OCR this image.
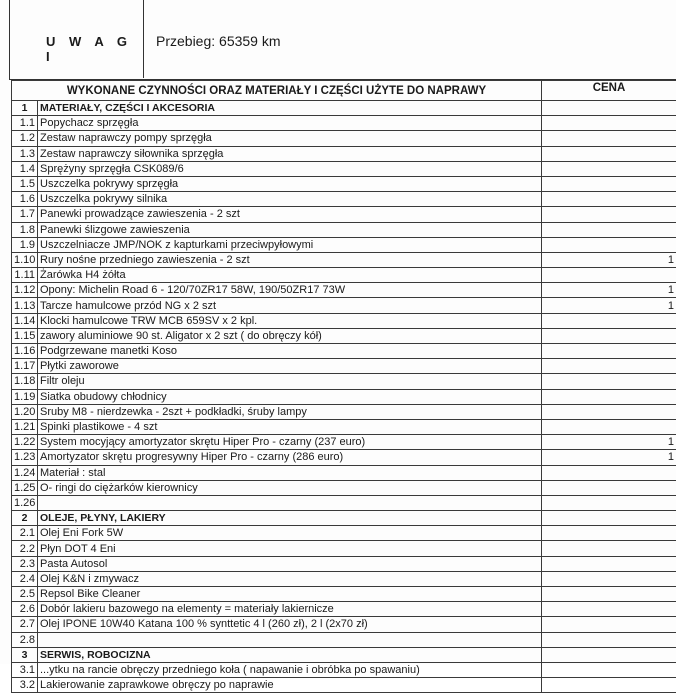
U W A G I
Przebieg: 65359 km
WYKONANE CZYNNOŚCI ORAZ MATERIAŁY I CZĘŚCI UŻYTE DO NAPRAWY		CENA
1	MATERIAŁY, CZĘŚCI I AKCESORIA	
1.1	Popychacz sprzęgła	
1.2	Zestaw naprawczy pompy sprzęgła	
1.3	Zestaw naprawczy siłownika sprzęgła	
1.4	Sprężyny sprzęgła CSK089/6	
1.5	Uszczelka pokrywy sprzęgła	
1.6	Uszczelka pokrywy silnika	
1.7	Panewki prowadzące zawieszenia - 2 szt	
1.8	Panewki ślizgowe zawieszenia	
1.9	Uszczelniacze JMP/NOK z kapturkami przeciwpyłowymi	
1.10	Rury nośne przedniego zawieszenia - 2 szt	1
1.11	Żarówka H4 żółta	
1.12	Opony: Michelin Road 6 - 120/70ZR17 58W, 190/50ZR17 73W	1
1.13	Tarcze hamulcowe przód NG x 2 szt	1
1.14	Klocki hamulcowe TRW MCB 659SV x 2 kpl.	
1.15	zawory aluminiowe 90 st. Aligator x 2 szt ( do obręczy kół)	
1.16	Podgrzewane manetki Koso	
1.17	Płytki zaworowe	
1.18	Filtr oleju	
1.19	Siatka obudowy chłodnicy	
1.20	Sruby M8 - nierdzewka - 2szt + podkładki, śruby lampy	
1.21	Spinki plastikowe - 4 szt	
1.22	System mocyjący amortyzator skrętu Hiper Pro - czarny (237 euro)	1
1.23	Amortyzator skrętu progresywny Hiper Pro - czarny (286 euro)	1
1.24	Materiał : stal	
1.25	O- ringi do ciężarków kierownicy	
1.26		
2	OLEJE, PŁYNY, LAKIERY	
2.1	Olej Eni Fork 5W	
2.2	Płyn DOT 4 Eni	
2.3	Pasta Autosol	
2.4	Olej K&N i zmywacz	
2.5	Repsol Bike Cleaner	
2.6	Dobór lakieru bazowego na elementy = materiały lakiernicze	
2.7	Olej IPONE 10W40 Katana 100 % synttetic 4 l (260 zł), 2 l (2x70 zł)	
2.8		
3	SERWIS, ROBOCIZNA	
3.1	...ytku na rancie obręczy przedniego koła ( napawanie i obróbka po spawaniu)	
3.2	Lakierowanie zaprawkowe obręczy po naprawie	
